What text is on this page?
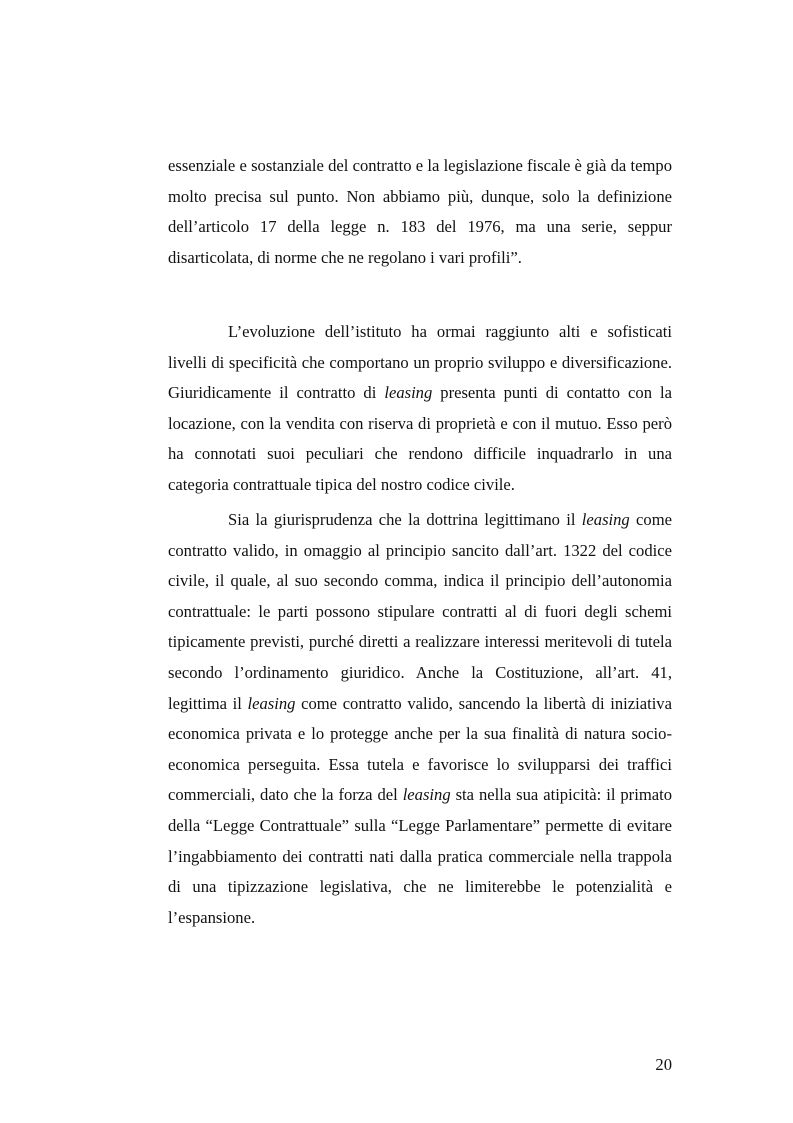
essenziale e sostanziale del contratto e la legislazione fiscale è già da tempo molto precisa sul punto. Non abbiamo più, dunque, solo la definizione dell’articolo 17 della legge n. 183 del 1976, ma una serie, seppur disarticolata, di norme che ne regolano i vari profili”.

L’evoluzione dell’istituto ha ormai raggiunto alti e sofisticati livelli di specificità che comportano un proprio sviluppo e diversificazione. Giuridicamente il contratto di leasing presenta punti di contatto con la locazione, con la vendita con riserva di proprietà e con il mutuo. Esso però ha connotati suoi peculiari che rendono difficile inquadrarlo in una categoria contrattuale tipica del nostro codice civile.

Sia la giurisprudenza che la dottrina legittimano il leasing come contratto valido, in omaggio al principio sancito dall’art. 1322 del codice civile, il quale, al suo secondo comma, indica il principio dell’autonomia contrattuale: le parti possono stipulare contratti al di fuori degli schemi tipicamente previsti, purché diretti a realizzare interessi meritevoli di tutela secondo l’ordinamento giuridico. Anche la Costituzione, all’art. 41, legittima il leasing come contratto valido, sancendo la libertà di iniziativa economica privata e lo protegge anche per la sua finalità di natura socio-economica perseguita. Essa tutela e favorisce lo svilupparsi dei traffici commerciali, dato che la forza del leasing sta nella sua atipicità: il primato della “Legge Contrattuale” sulla “Legge Parlamentare” permette di evitare l’ingabbiamento dei contratti nati dalla pratica commerciale nella trappola di una tipizzazione legislativa, che ne limiterebbe le potenzialità e l’espansione.

20
